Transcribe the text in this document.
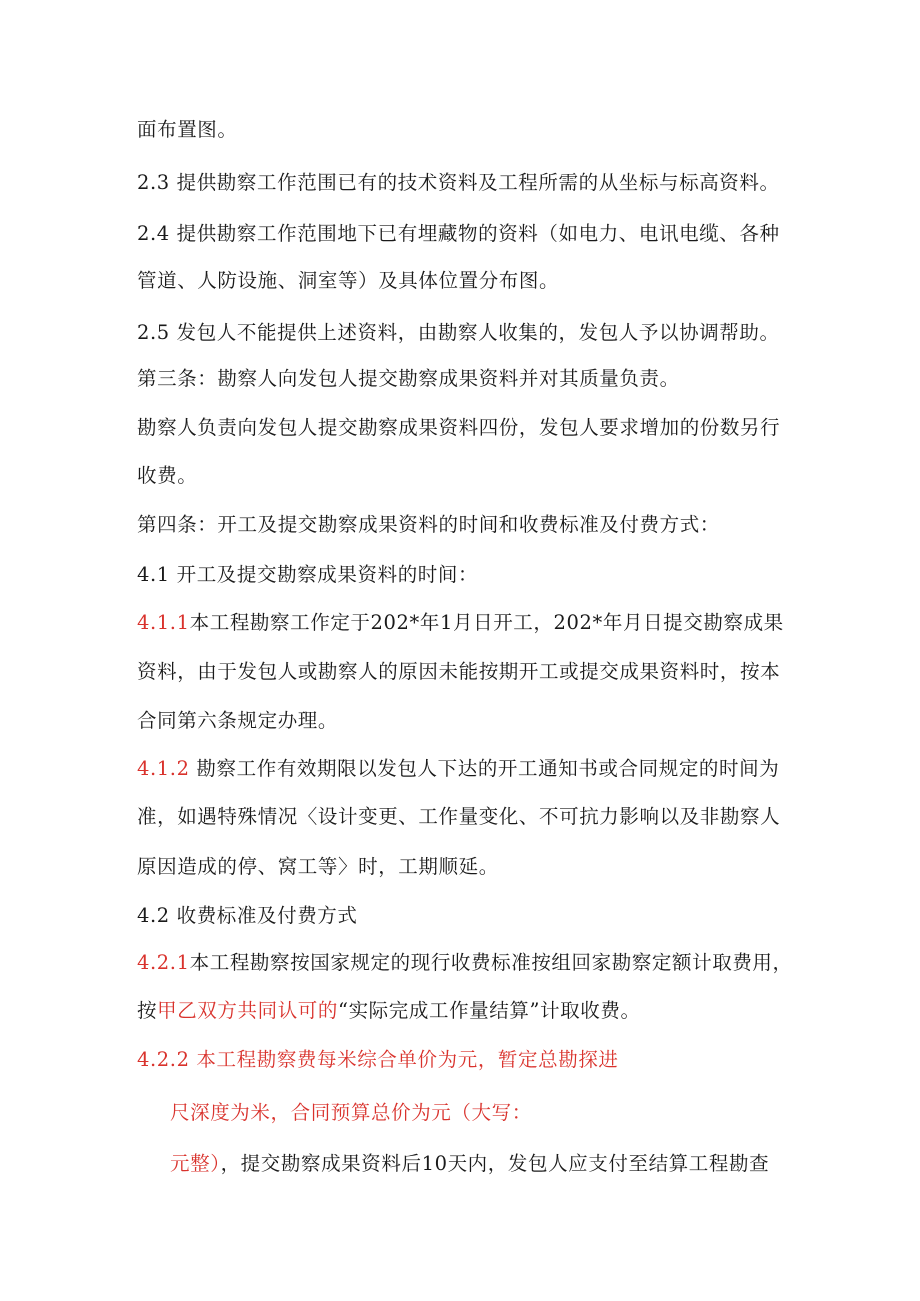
面布置图。
2.3 提供勘察工作范围已有的技术资料及工程所需的从坐标与标高资料。
2.4 提供勘察工作范围地下已有埋藏物的资料（如电力、电讯电缆、各种
管道、人防设施、洞室等）及具体位置分布图。
2.5 发包人不能提供上述资料，由勘察人收集的，发包人予以协调帮助。
第三条：勘察人向发包人提交勘察成果资料并对其质量负责。
勘察人负责向发包人提交勘察成果资料四份，发包人要求增加的份数另行
收费。
第四条：开工及提交勘察成果资料的时间和收费标准及付费方式：
4.1 开工及提交勘察成果资料的时间：
4.1.1本工程勘察工作定于202*年1月日开工，202*年月日提交勘察成果
资料，由于发包人或勘察人的原因未能按期开工或提交成果资料时，按本
合同第六条规定办理。
4.1.2 勘察工作有效期限以发包人下达的开工通知书或合同规定的时间为
准，如遇特殊情况〈设计变更、工作量变化、不可抗力影响以及非勘察人
原因造成的停、窝工等〉时，工期顺延。
4.2 收费标准及付费方式
4.2.1本工程勘察按国家规定的现行收费标准按组回家勘察定额计取费用，
按甲乙双方共同认可的“实际完成工作量结算”计取收费。
4.2.2 本工程勘察费每米综合单价为元，暂定总勘探进
尺深度为米，合同预算总价为元（大写：
元整），提交勘察成果资料后10天内，发包人应支付至结算工程勘查
